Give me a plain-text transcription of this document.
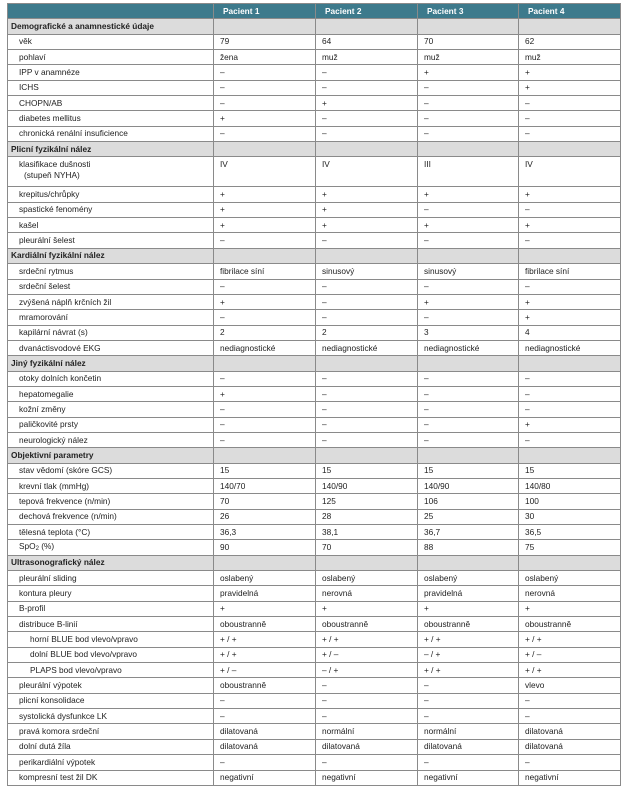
	Pacient 1	Pacient 2	Pacient 3	Pacient 4
Demografické a anamnestické údaje				
věk	79	64	70	62
pohlaví	žena	muž	muž	muž
IPP v anamnéze	–	–	+	+
ICHS	–	–	–	+
CHOPN/AB	–	+	–	–
diabetes mellitus	+	–	–	–
chronická renální insuficience	–	–	–	–
Plicní fyzikální nález				

klasifikace dušnosti
(stupeň NYHA)	IV	IV	III	IV
krepitus/chrůpky	+	+	+	+
spastické fenomény	+	+	–	–
kašel	+	+	+	+
pleurální šelest	–	–	–	–
Kardiální fyzikální nález				
srdeční rytmus	fibrilace síní	sinusový	sinusový	fibrilace síní
srdeční šelest	–	–	–	–
zvýšená náplň krčních žil	+	–	+	+
mramorování	–	–	–	+
kapilární návrat (s)	2	2	3	4
dvanáctisvodové EKG	nediagnostické	nediagnostické	nediagnostické	nediagnostické
Jiný fyzikální nález				
otoky dolních končetin	–	–	–	–
hepatomegalie	+	–	–	–
kožní změny	–	–	–	–
paličkovité prsty	–	–	–	+
neurologický nález	–	–	–	–
Objektivní parametry				
stav vědomí (skóre GCS)	15	15	15	15
krevní tlak (mmHg)	140/70	140/90	140/90	140/80
tepová frekvence (n/min)	70	125	106	100
dechová frekvence (n/min)	26	28	25	30
tělesná teplota (°C)	36,3	38,1	36,7	36,5
SpO$_2$ (%)	90	70	88	75
Ultrasonografický nález				
pleurální sliding	oslabený	oslabený	oslabený	oslabený
kontura pleury	pravidelná	nerovná	pravidelná	nerovná
B-profil	+	+	+	+
distribuce B-linií	oboustranně	oboustranně	oboustranně	oboustranně
horní BLUE bod vlevo/vpravo	+ / +	+ / +	+ / +	+ / +
dolní BLUE bod vlevo/vpravo	+ / +	+ / –	– / +	+ / –
PLAPS bod vlevo/vpravo	+ / –	– / +	+ / +	+ / +
pleurální výpotek	oboustranně	–	–	vlevo
plicní konsolidace	–	–	–	–
systolická dysfunkce LK	–	–	–	–
pravá komora srdeční	dilatovaná	normální	normální	dilatovaná
dolní dutá žíla	dilatovaná	dilatovaná	dilatovaná	dilatovaná
perikardiální výpotek	–	–	–	–
kompresní test žil DK	negativní	negativní	negativní	negativní
